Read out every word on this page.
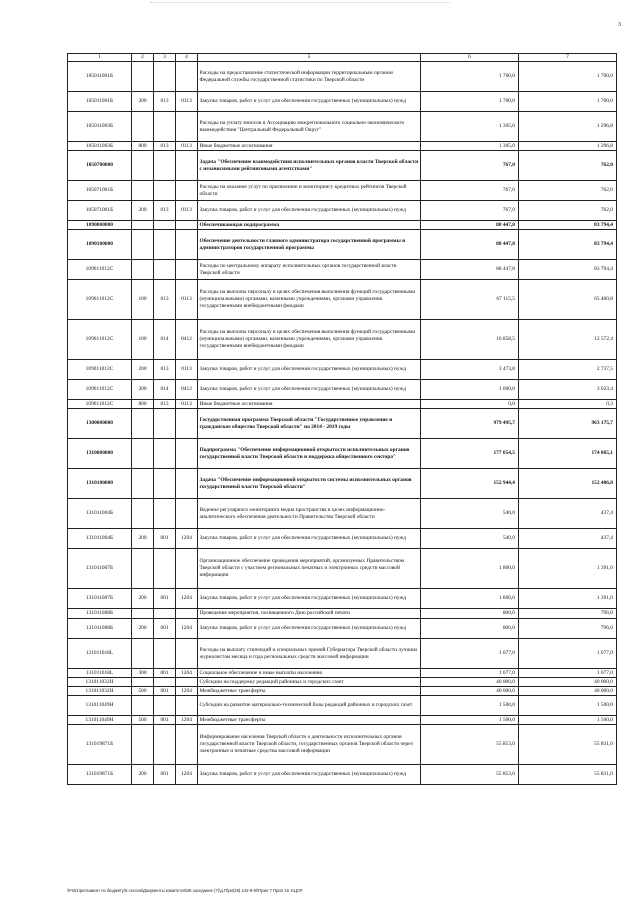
3
1	2	3	4	5	6	7
105011001Б				Расходы на предоставление статистической информации территориальным органом Федеральной службы государственной статистики по Тверской области	1 700,0	1 700,0
105011001Б	200	013	0113	Закупка товаров, работ и услуг для обеспечения государственных (муниципальных) нужд	1 700,0	1 700,0
105011003Б				Расходы на уплату взносов в Ассоциацию межрегионального социально-экономического взаимодействия "Центральный Федеральный Округ"	1 305,0	1 296,8
105011003Б	800	013	0113	Иные бюджетные ассигнования	1 305,0	1 296,8
1050700000				Задача "Обеспечение взаимодействия исполнительных органов власти Тверской области с независимыми рейтинговыми агентствами"	767,0	762,0
105071001Б				Расходы на оказание услуг по присвоению и мониторингу кредитных рейтингов Тверской области	767,0	762,0
105071001Б	200	013	0113	Закупка товаров, работ и услуг для обеспечения государственных (муниципальных) нужд	767,0	762,0
1090000000				Обеспечивающая подпрограмма	88 447,8	83 794,4
1090100000				Обеспечение деятельности главного администратора государственной программы и администраторов государственной программы	88 447,8	83 794,4
109011012С				Расходы по центральному аппарату исполнительных органов государственной власти Тверской области	88 447,8	83 794,4
109011012С	100	013	0113	Расходы на выплаты персоналу в целях обеспечения выполнения функций государственными (муниципальными) органами, казенными учреждениями, органами управления государственными внебюджетными фондами	67 115,5	65 460,8
109011012С	100	014	0412	Расходы на выплаты персоналу в целях обеспечения выполнения функций государственными (муниципальными) органами, казенными учреждениями, органами управления государственными внебюджетными фондами	16 858,5	12 572,4
109011012С	200	013	0113	Закупка товаров, работ и услуг для обеспечения государственных (муниципальных) нужд	3 473,8	2 737,5
109011012С	200	014	0412	Закупка товаров, работ и услуг для обеспечения государственных (муниципальных) нужд	1 000,0	3 023,4
109011012С	800	013	0113	Иные бюджетные ассигнования	0,0	0,3
1300000000				Государственная программа Тверской области "Государственное управление и гражданское общество Тверской области" на 2014 - 2019 годы	979 495,7	963 175,7
1310000000				Подпрограмма "Обеспечение информационной открытости исполнительных органов государственной власти Тверской области и поддержка общественного сектора"	177 054,5	174 865,1
1310100000				Задача "Обеспечение информационной открытости системы исполнительных органов государственной власти Тверской области"	152 944,4	152 406,8
131011004Б				Ведение регулярного мониторинга медиа пространства в целях информационно-аналитического обеспечения деятельности Правительства Тверской области	540,0	437,4
131011004Б	200	001	1204	Закупка товаров, работ и услуг для обеспечения государственных (муниципальных) нужд	540,0	437,4
131011007Б				Организационное обеспечение проведения мероприятий, организуемых Правительством Тверской области с участием региональных печатных и электронных средств массовой информации	1 800,0	1 391,0
131011007Б	200	001	1204	Закупка товаров, работ и услуг для обеспечения государственных (муниципальных) нужд	1 800,0	1 391,0
131011008Б				Проведение мероприятия, посвященного Дню российской печати	800,0	796,0
131011008Б	200	001	1204	Закупка товаров, работ и услуг для обеспечения государственных (муниципальных) нужд	800,0	796,0
131011018L				Расходы на выплату стипендий и специальных премий Губернатора Тверской области лучшим журналистам месяца и года региональных средств массовой информации	1 077,0	1 077,0
131011018L	300	001	1204	Социальное обеспечение и иные выплаты населению	1 077,0	1 077,0
131011032Н				Субсидии на поддержку редакций районных и городских газет	40 000,0	40 000,0
131011032Н	500	001	1204	Межбюджетные трансферты	40 000,0	40 000,0
131011049Н				Субсидии на развитие материально-технической базы редакций районных и городских газет	1 500,0	1 500,0
131011049Н	500	001	1204	Межбюджетные трансферты	1 500,0	1 500,0
131019871Б				Информирование населения Тверской области о деятельности исполнительных органов государственной власти Тверской области, государственных органов Тверской области через электронные и печатные средства массовой информации	55 853,0	55 831,0
131019871Б	200	001	1204	Закупка товаров, работ и услуг для обеспечения государственных (муниципальных) нужд	55 853,0	55 831,0
\\Fs01\регламент по бюджету\5 сессия\Документы комитетов\28 заседание (7)\д.П\ри(28) 142-9-6\\Прил 7 Прил 16 .КЦСР
